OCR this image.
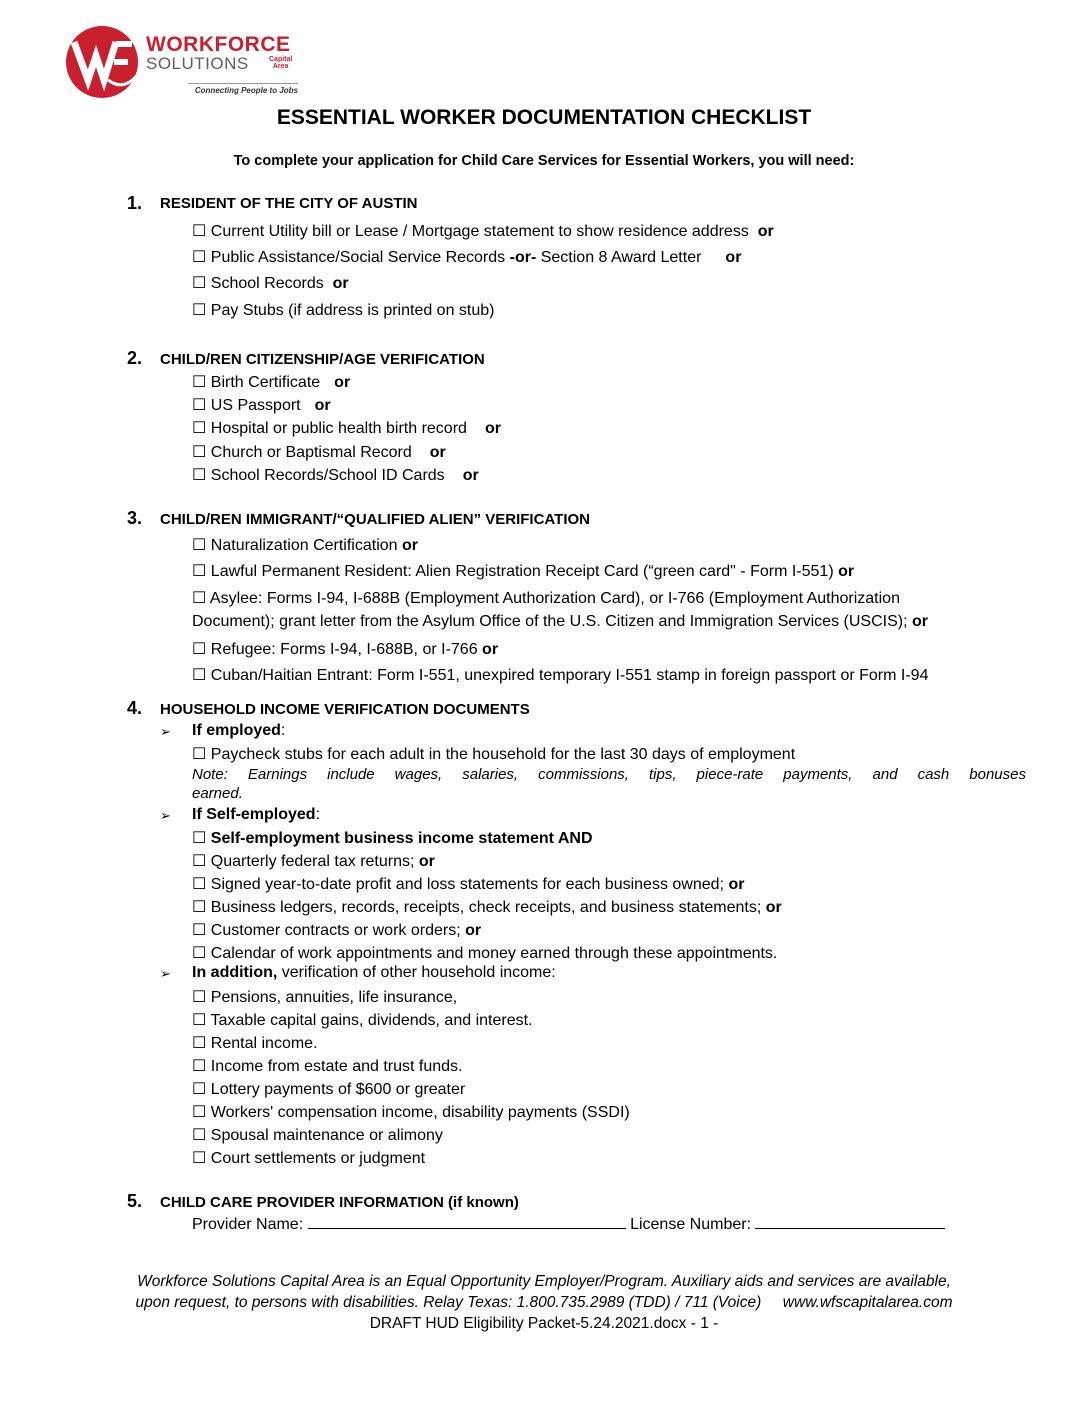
WORKFORCE
SOLUTIONS	Capital
Area
Connecting People to Jobs
ESSENTIAL WORKER DOCUMENTATION CHECKLIST
To complete your application for Child Care Services for Essential Workers, you will need:
1. RESIDENT OF THE CITY OF AUSTIN
☐ Current Utility bill or Lease / Mortgage statement to show residence address or
☐ Public Assistance/Social Service Records -or- Section 8 Award Letter or
☐ School Records or
☐ Pay Stubs (if address is printed on stub)
2. CHILD/REN CITIZENSHIP/AGE VERIFICATION
☐ Birth Certificate or
☐ US Passport or
☐ Hospital or public health birth record or
☐ Church or Baptismal Record or
☐ School Records/School ID Cards or
3. CHILD/REN IMMIGRANT/“QUALIFIED ALIEN” VERIFICATION
☐ Naturalization Certification or
☐ Lawful Permanent Resident: Alien Registration Receipt Card (“green card" - Form I-551) or
☐ Asylee: Forms I-94, I-688B (Employment Authorization Card), or I-766 (Employment Authorization
Document); grant letter from the Asylum Office of the U.S. Citizen and Immigration Services (USCIS); or
☐ Refugee: Forms I-94, I-688B, or I-766 or
☐ Cuban/Haitian Entrant: Form I-551, unexpired temporary I-551 stamp in foreign passport or Form I-94
4. HOUSEHOLD INCOME VERIFICATION DOCUMENTS
➢ If employed:
☐ Paycheck stubs for each adult in the household for the last 30 days of employment
Note: Earnings include wages, salaries, commissions, tips, piece-rate payments, and cash bonuses
earned.
➢ If Self-employed:
☐ Self-employment business income statement AND
☐ Quarterly federal tax returns; or
☐ Signed year-to-date profit and loss statements for each business owned; or
☐ Business ledgers, records, receipts, check receipts, and business statements; or
☐ Customer contracts or work orders; or
☐ Calendar of work appointments and money earned through these appointments.
➢ In addition, verification of other household income:
☐ Pensions, annuities, life insurance,
☐ Taxable capital gains, dividends, and interest.
☐ Rental income.
☐ Income from estate and trust funds.
☐ Lottery payments of $600 or greater
☐ Workers' compensation income, disability payments (SSDI)
☐ Spousal maintenance or alimony
☐ Court settlements or judgment
5. CHILD CARE PROVIDER INFORMATION (if known)
Provider Name:	License Number:
Workforce Solutions Capital Area is an Equal Opportunity Employer/Program. Auxiliary aids and services are available,
upon request, to persons with disabilities. Relay Texas: 1.800.735.2989 (TDD) / 711 (Voice)     www.wfscapitalarea.com
DRAFT HUD Eligibility Packet-5.24.2021.docx - 1 -
